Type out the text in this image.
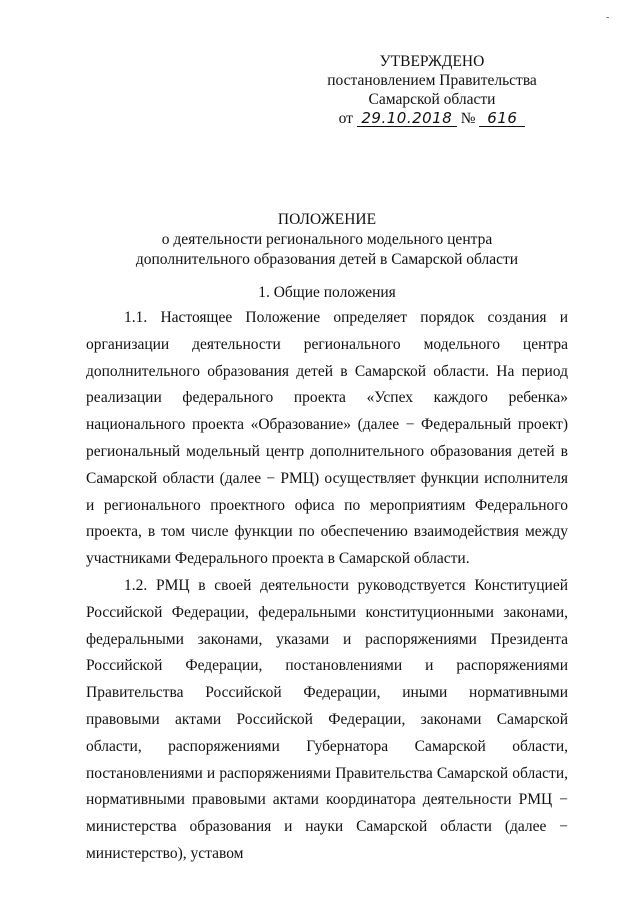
-
УТВЕРЖДЕНО
постановлением Правительства
Самарской области
от 29.10.2018 № 616
ПОЛОЖЕНИЕ
о деятельности регионального модельного центра
дополнительного образования детей в Самарской области
1. Общие положения

1.1. Настоящее Положение определяет порядок создания и организации деятельности регионального модельного центра дополнительного образования детей в Самарской области. На период реализации федерального проекта «Успех каждого ребенка» национального проекта «Образование» (далее − Федеральный проект) региональный модельный центр дополнительного образования детей в Самарской области (далее − РМЦ) осуществляет функции исполнителя и регионального проектного офиса по мероприятиям Федерального проекта, в том числе функции по обеспечению взаимодействия между участниками Федерального проекта в Самарской области.

1.2. РМЦ в своей деятельности руководствуется Конституцией Российской Федерации, федеральными конституционными законами, федеральными законами, указами и распоряжениями Президента Российской Федерации, постановлениями и распоряжениями Правительства Российской Федерации, иными нормативными правовыми актами Российской Федерации, законами Самарской области, распоряжениями Губернатора Самарской области, постановлениями и распоряжениями Правительства Самарской области, нормативными правовыми актами координатора деятельности РМЦ − министерства образования и науки Самарской области (далее − министерство), уставом
